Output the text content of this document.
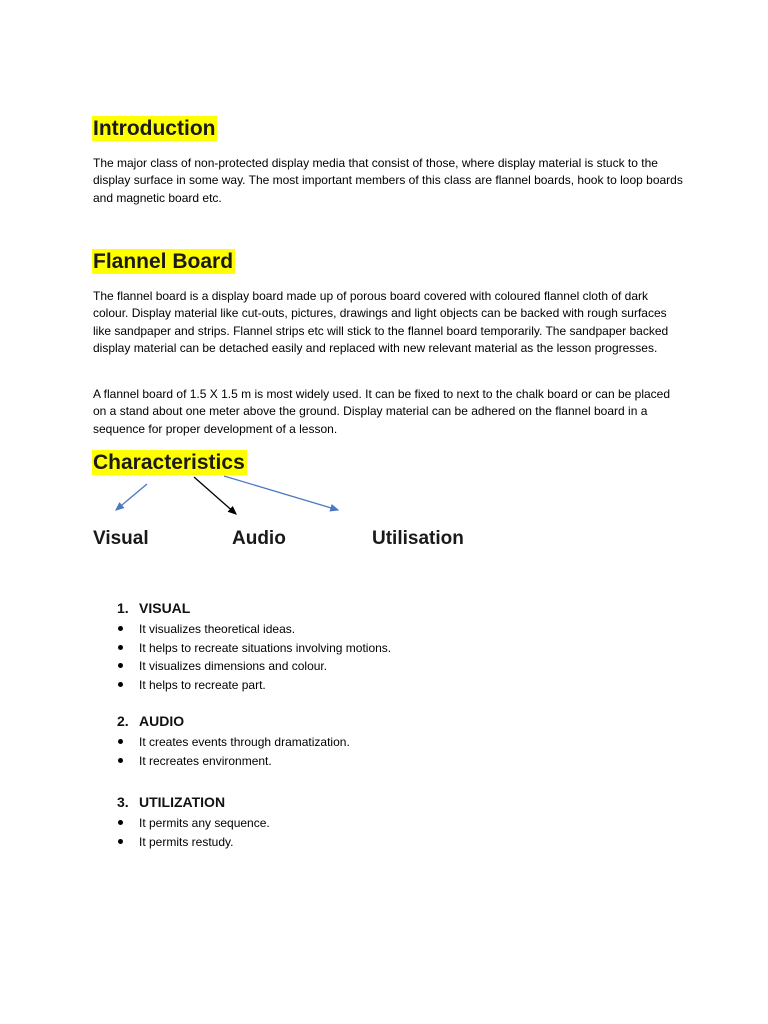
Introduction

The major class of non-protected display media that consist of those, where display material is stuck to the display surface in some way. The most important members of this class are flannel boards, hook to loop boards and magnetic board etc.

Flannel Board

The flannel board is a display board made up of porous board covered with coloured flannel cloth of dark colour. Display material like cut-outs, pictures, drawings and light objects can be backed with rough surfaces like sandpaper and strips. Flannel strips etc will stick to the flannel board temporarily. The sandpaper backed display material can be detached easily and replaced with new relevant material as the lesson progresses.

A flannel board of 1.5 X 1.5 m is most widely used. It can be fixed to next to the chalk board or can be placed on a stand about one meter above the ground. Display material can be adhered on the flannel board in a sequence for proper development of a lesson.

Characteristics
Visual	Audio	Utilisation
1. VISUAL
It visualizes theoretical ideas.
It helps to recreate situations involving motions.
It visualizes dimensions and colour.
It helps to recreate part.
2. AUDIO
It creates events through dramatization.
It recreates environment.
3. UTILIZATION
It permits any sequence.
It permits restudy.
